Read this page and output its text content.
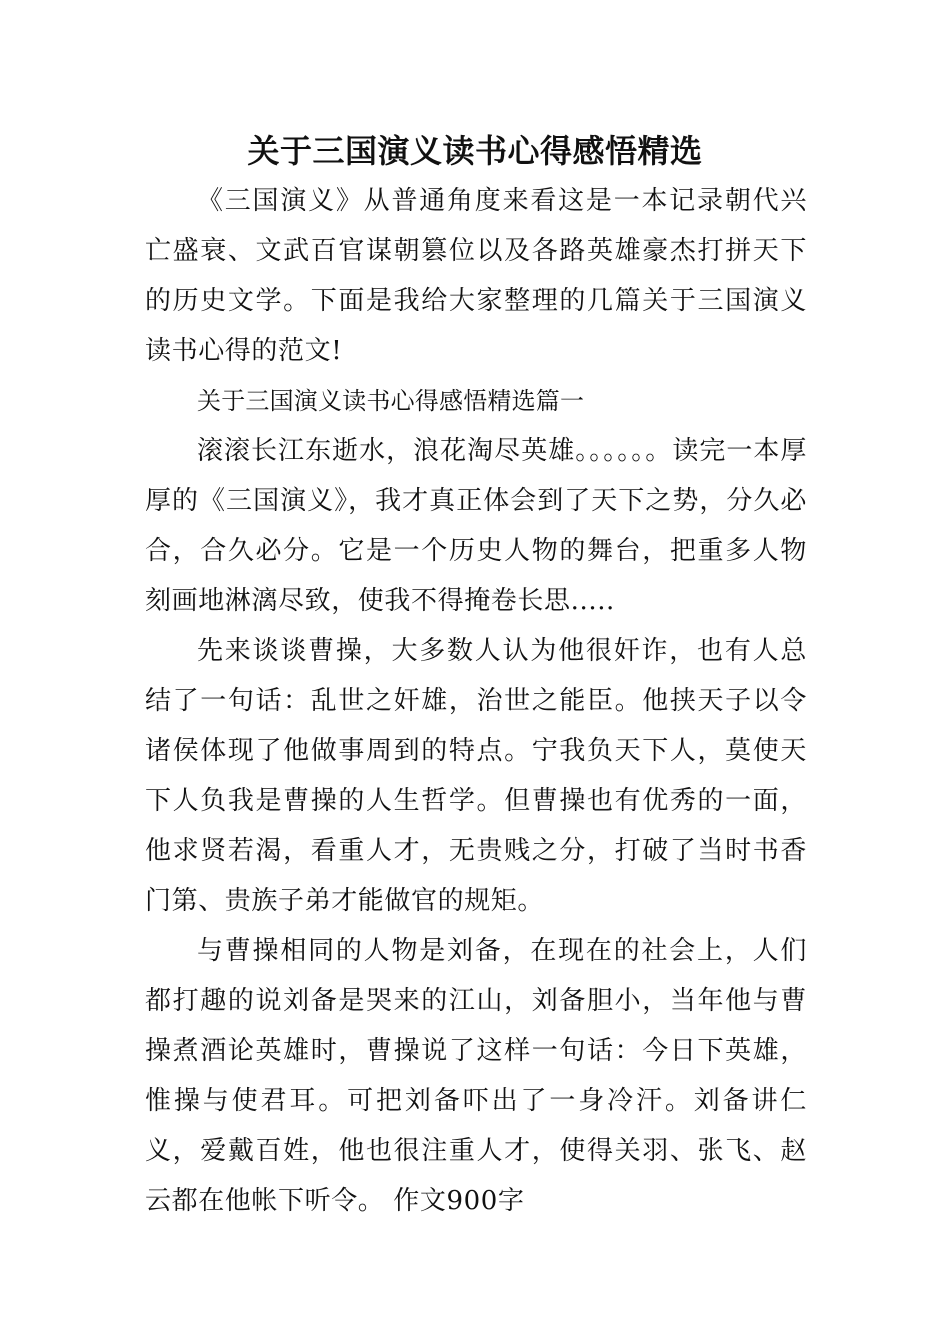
关于三国演义读书心得感悟精选

《三国演义》从普通角度来看这是一本记录朝代兴亡盛衰、文武百官谋朝篡位以及各路英雄豪杰打拼天下的历史文学。下面是我给大家整理的几篇关于三国演义读书心得的范文!

关于三国演义读书心得感悟精选篇一

滚滚长江东逝水，浪花淘尽英雄。。。。。。读完一本厚厚的《三国演义》，我才真正体会到了天下之势，分久必合，合久必分。它是一个历史人物的舞台，把重多人物刻画地淋漓尽致，使我不得掩卷长思.....

先来谈谈曹操，大多数人认为他很奸诈，也有人总结了一句话：乱世之奸雄，治世之能臣。他挟天子以令诸侯体现了他做事周到的特点。宁我负天下人，莫使天下人负我是曹操的人生哲学。但曹操也有优秀的一面，他求贤若渴，看重人才，无贵贱之分，打破了当时书香门第、贵族子弟才能做官的规矩。

与曹操相同的人物是刘备，在现在的社会上，人们都打趣的说刘备是哭来的江山，刘备胆小，当年他与曹操煮酒论英雄时，曹操说了这样一句话：今日下英雄，惟操与使君耳。可把刘备吓出了一身冷汗。刘备讲仁义，爱戴百姓，他也很注重人才，使得关羽、张飞、赵云都在他帐下听令。 作文900字
